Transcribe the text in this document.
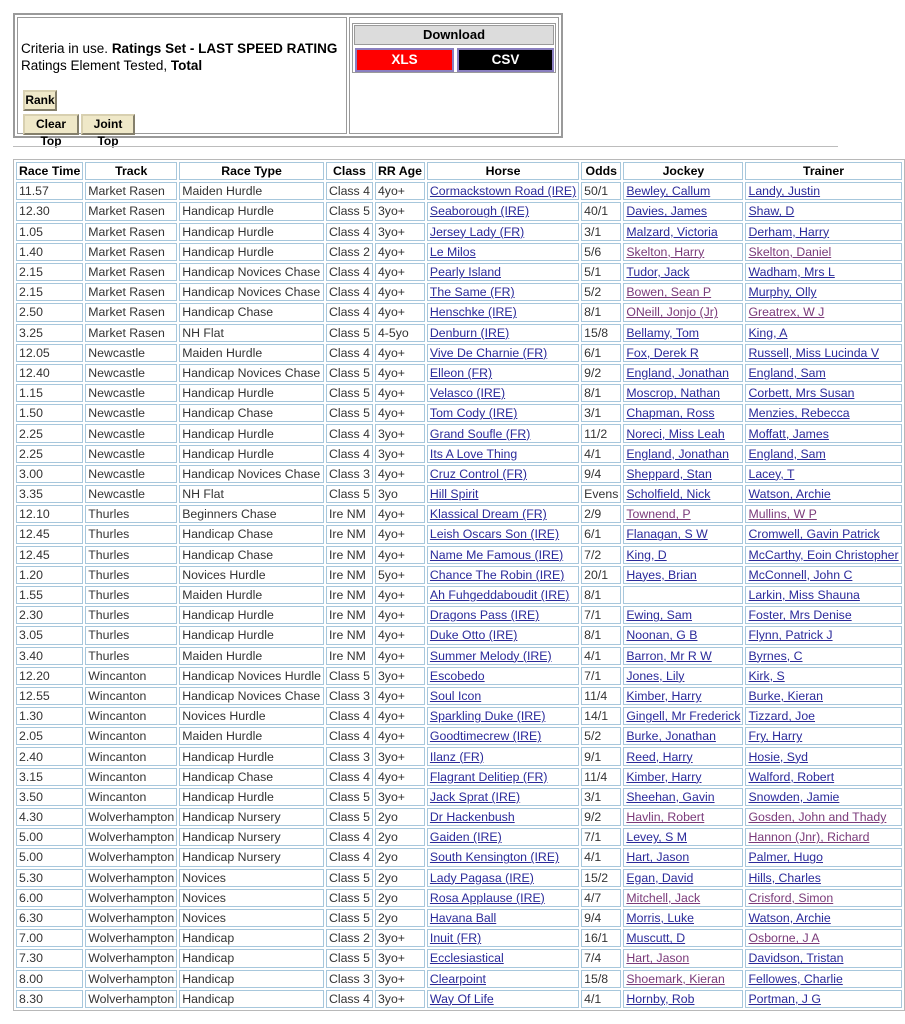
Criteria in use. Ratings Set - LAST SPEED RATING
Ratings Element Tested, Total
Rank
Clear Top
Joint Top
Download
XLS	CSV
Race Time	Track	Race Type	Class	RR Age	Horse	Odds	Jockey	Trainer
11.57	Market Rasen	Maiden Hurdle	Class 4	4yo+	Cormackstown Road (IRE)	50/1	Bewley, Callum	Landy, Justin
12.30	Market Rasen	Handicap Hurdle	Class 5	3yo+	Seaborough (IRE)	40/1	Davies, James	Shaw, D
1.05	Market Rasen	Handicap Hurdle	Class 4	3yo+	Jersey Lady (FR)	3/1	Malzard, Victoria	Derham, Harry
1.40	Market Rasen	Handicap Hurdle	Class 2	4yo+	Le Milos	5/6	Skelton, Harry	Skelton, Daniel
2.15	Market Rasen	Handicap Novices Chase	Class 4	4yo+	Pearly Island	5/1	Tudor, Jack	Wadham, Mrs L
2.15	Market Rasen	Handicap Novices Chase	Class 4	4yo+	The Same (FR)	5/2	Bowen, Sean P	Murphy, Olly
2.50	Market Rasen	Handicap Chase	Class 4	4yo+	Henschke (IRE)	8/1	ONeill, Jonjo (Jr)	Greatrex, W J
3.25	Market Rasen	NH Flat	Class 5	4-5yo	Denburn (IRE)	15/8	Bellamy, Tom	King, A
12.05	Newcastle	Maiden Hurdle	Class 4	4yo+	Vive De Charnie (FR)	6/1	Fox, Derek R	Russell, Miss Lucinda V
12.40	Newcastle	Handicap Novices Chase	Class 5	4yo+	Elleon (FR)	9/2	England, Jonathan	England, Sam
1.15	Newcastle	Handicap Hurdle	Class 5	4yo+	Velasco (IRE)	8/1	Moscrop, Nathan	Corbett, Mrs Susan
1.50	Newcastle	Handicap Chase	Class 5	4yo+	Tom Cody (IRE)	3/1	Chapman, Ross	Menzies, Rebecca
2.25	Newcastle	Handicap Hurdle	Class 4	3yo+	Grand Soufle (FR)	11/2	Noreci, Miss Leah	Moffatt, James
2.25	Newcastle	Handicap Hurdle	Class 4	3yo+	Its A Love Thing	4/1	England, Jonathan	England, Sam
3.00	Newcastle	Handicap Novices Chase	Class 3	4yo+	Cruz Control (FR)	9/4	Sheppard, Stan	Lacey, T
3.35	Newcastle	NH Flat	Class 5	3yo	Hill Spirit	Evens	Scholfield, Nick	Watson, Archie
12.10	Thurles	Beginners Chase	Ire NM	4yo+	Klassical Dream (FR)	2/9	Townend, P	Mullins, W P
12.45	Thurles	Handicap Chase	Ire NM	4yo+	Leish Oscars Son (IRE)	6/1	Flanagan, S W	Cromwell, Gavin Patrick
12.45	Thurles	Handicap Chase	Ire NM	4yo+	Name Me Famous (IRE)	7/2	King, D	McCarthy, Eoin Christopher
1.20	Thurles	Novices Hurdle	Ire NM	5yo+	Chance The Robin (IRE)	20/1	Hayes, Brian	McConnell, John C
1.55	Thurles	Maiden Hurdle	Ire NM	4yo+	Ah Fuhgeddaboudit (IRE)	8/1		Larkin, Miss Shauna
2.30	Thurles	Handicap Hurdle	Ire NM	4yo+	Dragons Pass (IRE)	7/1	Ewing, Sam	Foster, Mrs Denise
3.05	Thurles	Handicap Hurdle	Ire NM	4yo+	Duke Otto (IRE)	8/1	Noonan, G B	Flynn, Patrick J
3.40	Thurles	Maiden Hurdle	Ire NM	4yo+	Summer Melody (IRE)	4/1	Barron, Mr R W	Byrnes, C
12.20	Wincanton	Handicap Novices Hurdle	Class 5	3yo+	Escobedo	7/1	Jones, Lily	Kirk, S
12.55	Wincanton	Handicap Novices Chase	Class 3	4yo+	Soul Icon	11/4	Kimber, Harry	Burke, Kieran
1.30	Wincanton	Novices Hurdle	Class 4	4yo+	Sparkling Duke (IRE)	14/1	Gingell, Mr Frederick	Tizzard, Joe
2.05	Wincanton	Maiden Hurdle	Class 4	4yo+	Goodtimecrew (IRE)	5/2	Burke, Jonathan	Fry, Harry
2.40	Wincanton	Handicap Hurdle	Class 3	3yo+	Ilanz (FR)	9/1	Reed, Harry	Hosie, Syd
3.15	Wincanton	Handicap Chase	Class 4	4yo+	Flagrant Delitiep (FR)	11/4	Kimber, Harry	Walford, Robert
3.50	Wincanton	Handicap Hurdle	Class 5	3yo+	Jack Sprat (IRE)	3/1	Sheehan, Gavin	Snowden, Jamie
4.30	Wolverhampton	Handicap Nursery	Class 5	2yo	Dr Hackenbush	9/2	Havlin, Robert	Gosden, John and Thady
5.00	Wolverhampton	Handicap Nursery	Class 4	2yo	Gaiden (IRE)	7/1	Levey, S M	Hannon (Jnr), Richard
5.00	Wolverhampton	Handicap Nursery	Class 4	2yo	South Kensington (IRE)	4/1	Hart, Jason	Palmer, Hugo
5.30	Wolverhampton	Novices	Class 5	2yo	Lady Pagasa (IRE)	15/2	Egan, David	Hills, Charles
6.00	Wolverhampton	Novices	Class 5	2yo	Rosa Applause (IRE)	4/7	Mitchell, Jack	Crisford, Simon
6.30	Wolverhampton	Novices	Class 5	2yo	Havana Ball	9/4	Morris, Luke	Watson, Archie
7.00	Wolverhampton	Handicap	Class 2	3yo+	Inuit (FR)	16/1	Muscutt, D	Osborne, J A
7.30	Wolverhampton	Handicap	Class 5	3yo+	Ecclesiastical	7/4	Hart, Jason	Davidson, Tristan
8.00	Wolverhampton	Handicap	Class 3	3yo+	Clearpoint	15/8	Shoemark, Kieran	Fellowes, Charlie
8.30	Wolverhampton	Handicap	Class 4	3yo+	Way Of Life	4/1	Hornby, Rob	Portman, J G
